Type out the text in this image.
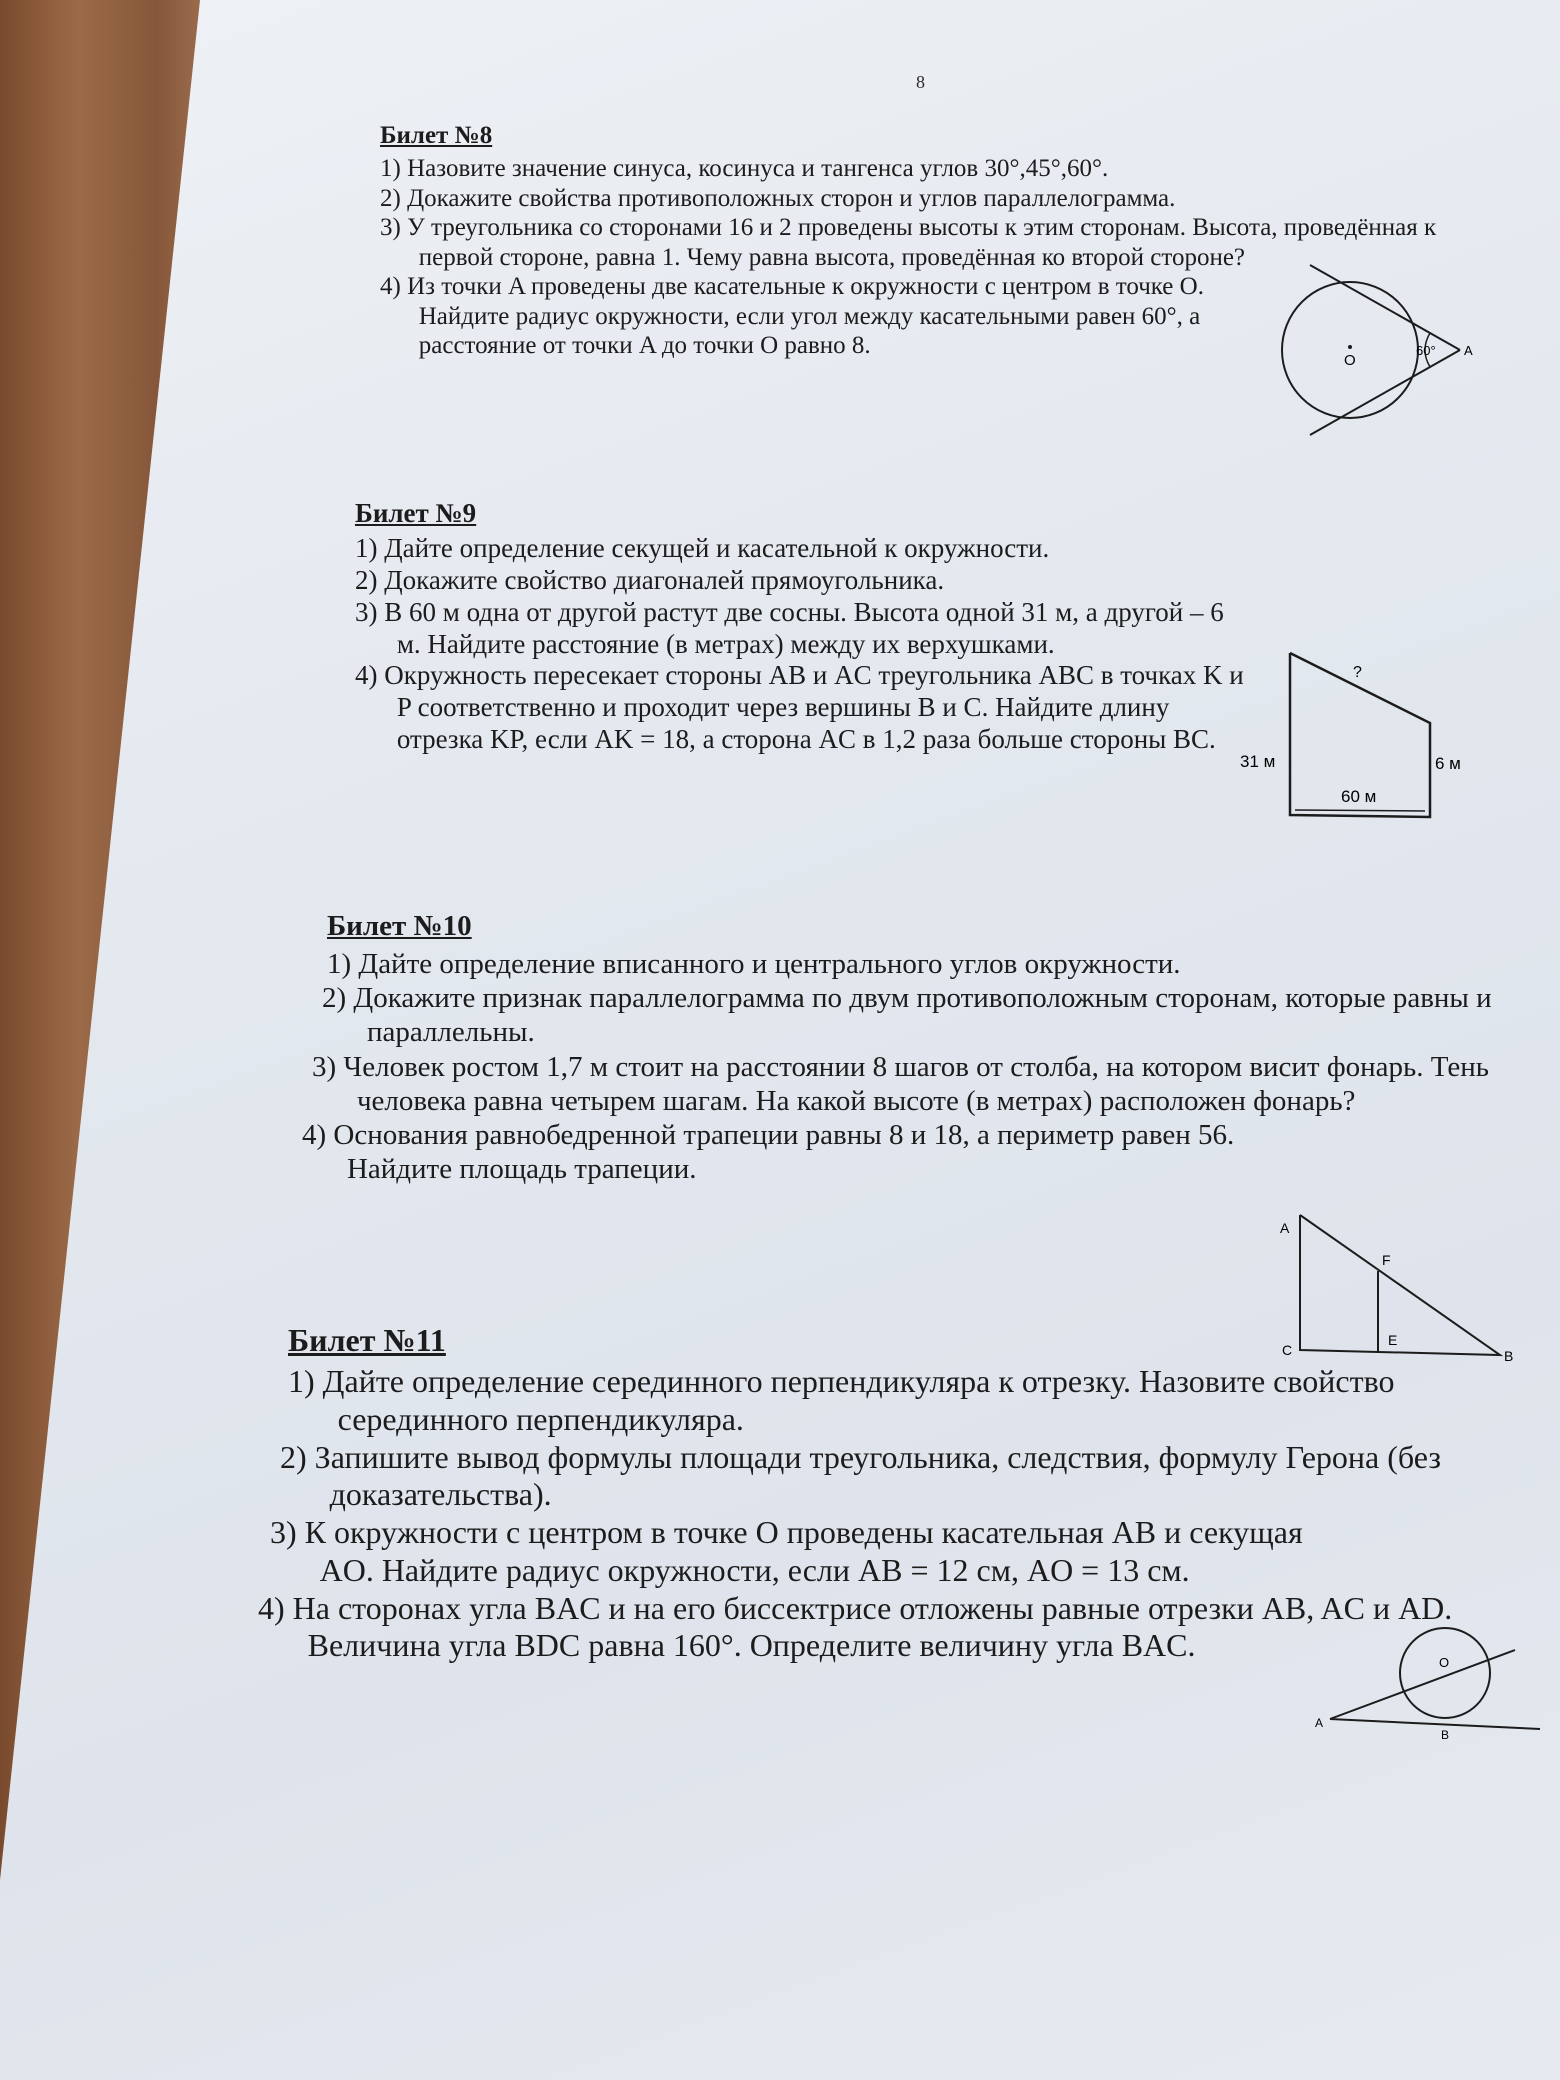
8
Билет №8

1) Назовите значение синуса, косинуса и тангенса углов 30°,45°,60°.

2) Докажите свойства противоположных сторон и углов параллелограмма.

3) У треугольника со сторонами 16 и 2 проведены высоты к этим сторонам. Высота, проведённая к первой стороне, равна 1. Чему равна высота, проведённая ко второй стороне?

4) Из точки A проведены две касательные к окружности с центром в точке O. Найдите радиус окружности, если угол между касательными равен 60°, а расстояние от точки A до точки O равно 8.

O
60° A
Билет №9

1) Дайте определение секущей и касательной к окружности.

2) Докажите свойство диагоналей прямоугольника.

3) В 60 м одна от другой растут две сосны. Высота одной 31 м, а другой – 6 м. Найдите расстояние (в метрах) между их верхушками.

4) Окружность пересекает стороны AB и AC треугольника ABC в точках K и P соответственно и проходит через вершины B и C. Найдите длину отрезка KP, если AK = 18, а сторона AC в 1,2 раза больше стороны BC.

?
31 м	6 м
60 м
Билет №10

1) Дайте определение вписанного и центрального углов окружности.

2) Докажите признак параллелограмма по двум противоположным сторонам, которые равны и параллельны.

3) Человек ростом 1,7 м стоит на расстоянии 8 шагов от столба, на котором висит фонарь. Тень человека равна четырем шагам. На какой высоте (в метрах) расположен фонарь?

4) Основания равнобедренной трапеции равны 8 и 18, а периметр равен 56. Найдите площадь трапеции.

A
F
C
E
B
Билет №11

1) Дайте определение серединного перпендикуляра к отрезку. Назовите свойство серединного перпендикуляра.

2) Запишите вывод формулы площади треугольника, следствия, формулу Герона (без доказательства).

3) К окружности с центром в точке O проведены касательная AB и секущая AO. Найдите радиус окружности, если AB = 12 см, AO = 13 см.

4) На сторонах угла BAC и на его биссектрисе отложены равные отрезки AB, AC и AD. Величина угла BDC равна 160°. Определите величину угла BAC.

A
O
B
